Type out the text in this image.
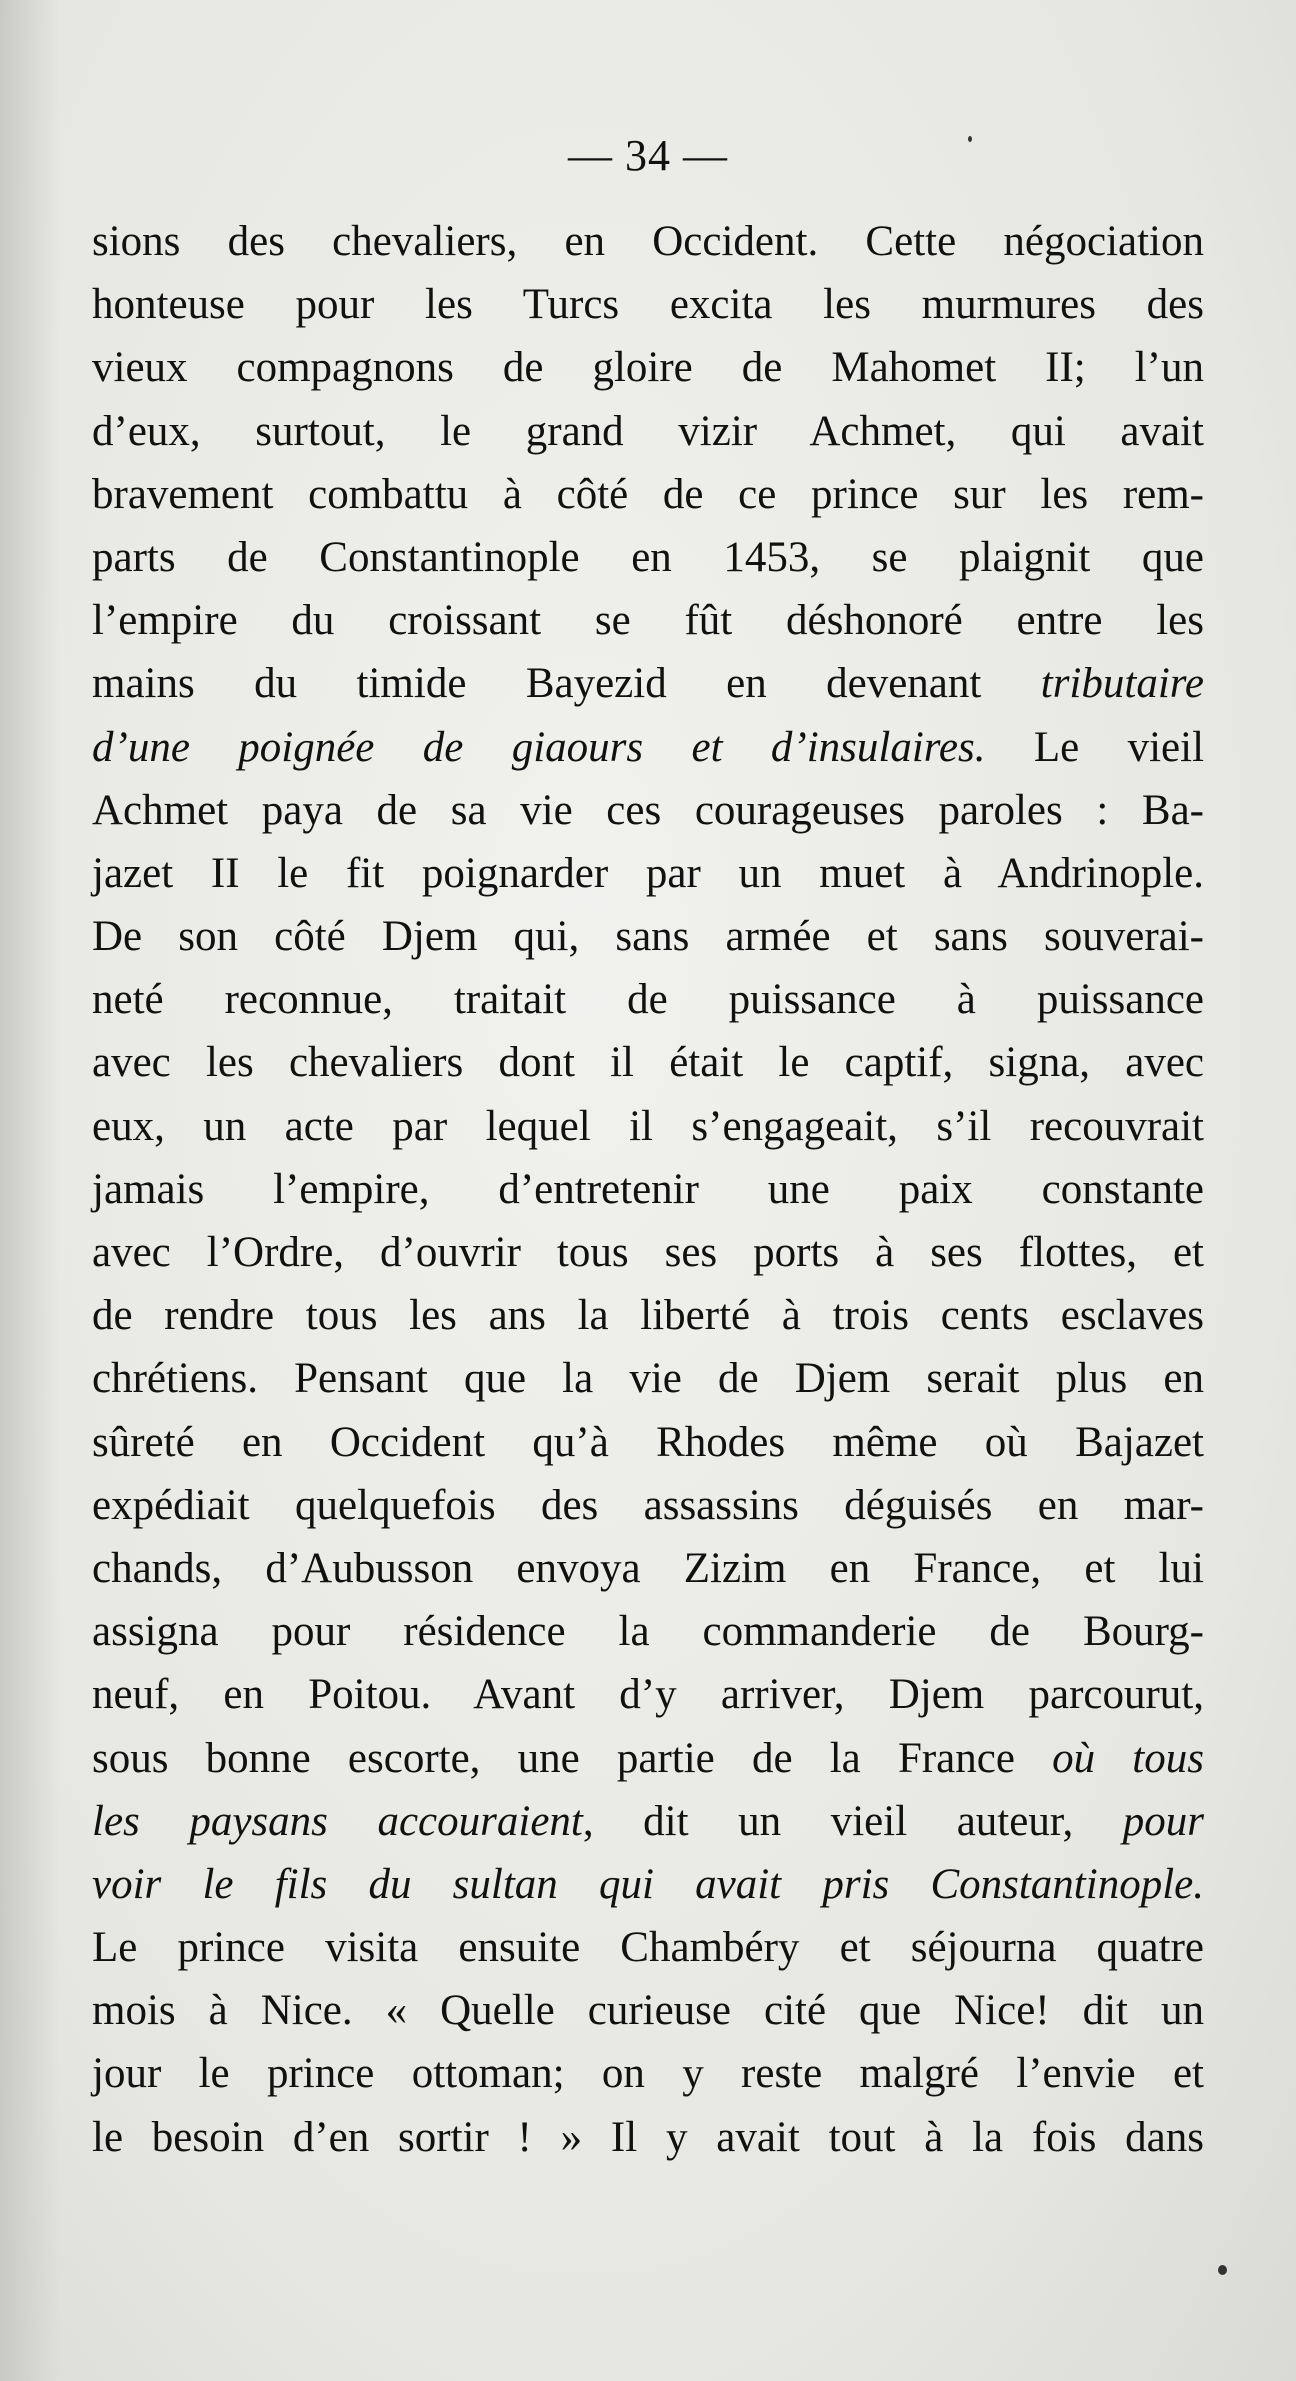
— 34 —
sions des chevaliers, en Occident. Cette négociation
honteuse pour les Turcs excita les murmures des
vieux compagnons de gloire de Mahomet II; l’un
d’eux, surtout, le grand vizir Achmet, qui avait
bravement combattu à côté de ce prince sur les rem-
parts de Constantinople en 1453, se plaignit que
l’empire du croissant se fût déshonoré entre les
mains du timide Bayezid en devenant tributaire
d’une poignée de giaours et d’insulaires. Le vieil
Achmet paya de sa vie ces courageuses paroles : Ba-
jazet II le fit poignarder par un muet à Andrinople.
De son côté Djem qui, sans armée et sans souverai-
neté reconnue, traitait de puissance à puissance
avec les chevaliers dont il était le captif, signa, avec
eux, un acte par lequel il s’engageait, s’il recouvrait
jamais l’empire, d’entretenir une paix constante
avec l’Ordre, d’ouvrir tous ses ports à ses flottes, et
de rendre tous les ans la liberté à trois cents esclaves
chrétiens. Pensant que la vie de Djem serait plus en
sûreté en Occident qu’à Rhodes même où Bajazet
expédiait quelquefois des assassins déguisés en mar-
chands, d’Aubusson envoya Zizim en France, et lui
assigna pour résidence la commanderie de Bourg-
neuf, en Poitou. Avant d’y arriver, Djem parcourut,
sous bonne escorte, une partie de la France où tous
les paysans accouraient, dit un vieil auteur, pour
voir le fils du sultan qui avait pris Constantinople.
Le prince visita ensuite Chambéry et séjourna quatre
mois à Nice. « Quelle curieuse cité que Nice! dit un
jour le prince ottoman; on y reste malgré l’envie et
le besoin d’en sortir ! » Il y avait tout à la fois dans
